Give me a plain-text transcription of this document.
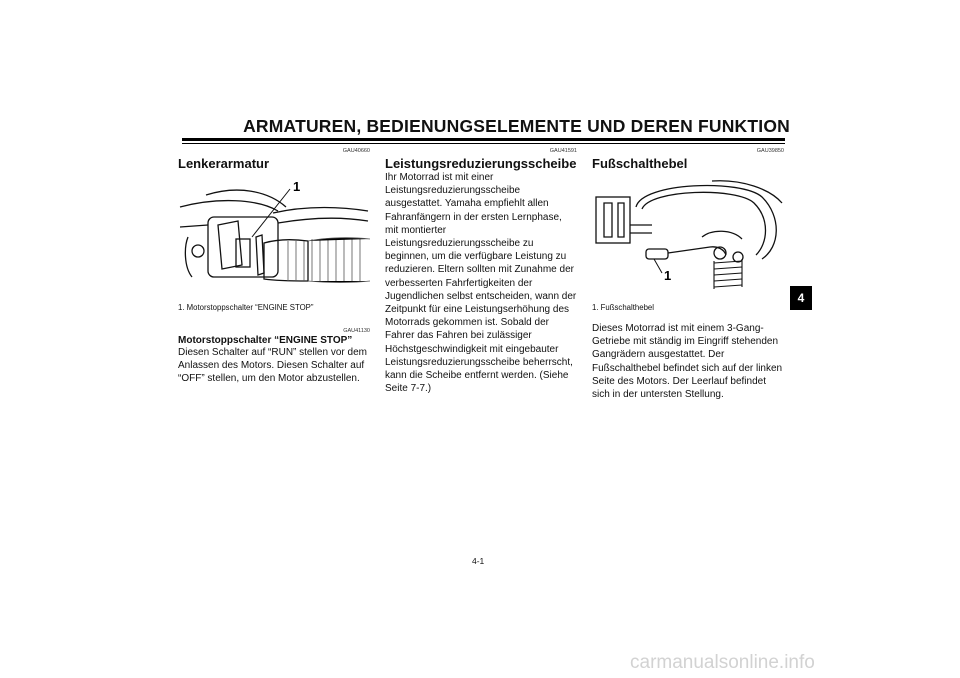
ARMATUREN, BEDIENUNGSELEMENTE UND DEREN FUNKTION
GAU40660
Lenkerarmatur
1
1. Motorstoppschalter “ENGINE STOP”
GAU41130
Motorstoppschalter “ENGINE STOP”
Diesen Schalter auf “RUN” stellen vor dem Anlassen des Motors. Diesen Schalter auf “OFF” stellen, um den Motor abzustellen.
GAU41591
Leistungsreduzierungsscheibe
Ihr Motorrad ist mit einer Leistungsreduzierungsscheibe ausgestattet. Yamaha empfiehlt allen Fahranfängern in der ersten Lernphase, mit montierter Leistungsreduzierungsscheibe zu beginnen, um die verfügbare Leistung zu reduzieren. Eltern sollten mit Zunahme der verbesserten Fahrfertigkeiten der Jugendlichen selbst entscheiden, wann der Zeitpunkt für eine Leistungserhöhung des Motorrads gekommen ist. Sobald der Fahrer das Fahren bei zulässiger Höchstgeschwindigkeit mit eingebauter Leistungsreduzierungsscheibe beherrscht, kann die Scheibe entfernt werden. (Siehe Seite 7-7.)
GAU39850
Fußschalthebel
1
1. Fußschalthebel
Dieses Motorrad ist mit einem 3-Gang-Getriebe mit ständig im Eingriff stehenden Gangrädern ausgestattet. Der Fußschalthebel befindet sich auf der linken Seite des Motors. Der Leerlauf befindet sich in der untersten Stellung.
4
4-1
carmanualsonline.info
